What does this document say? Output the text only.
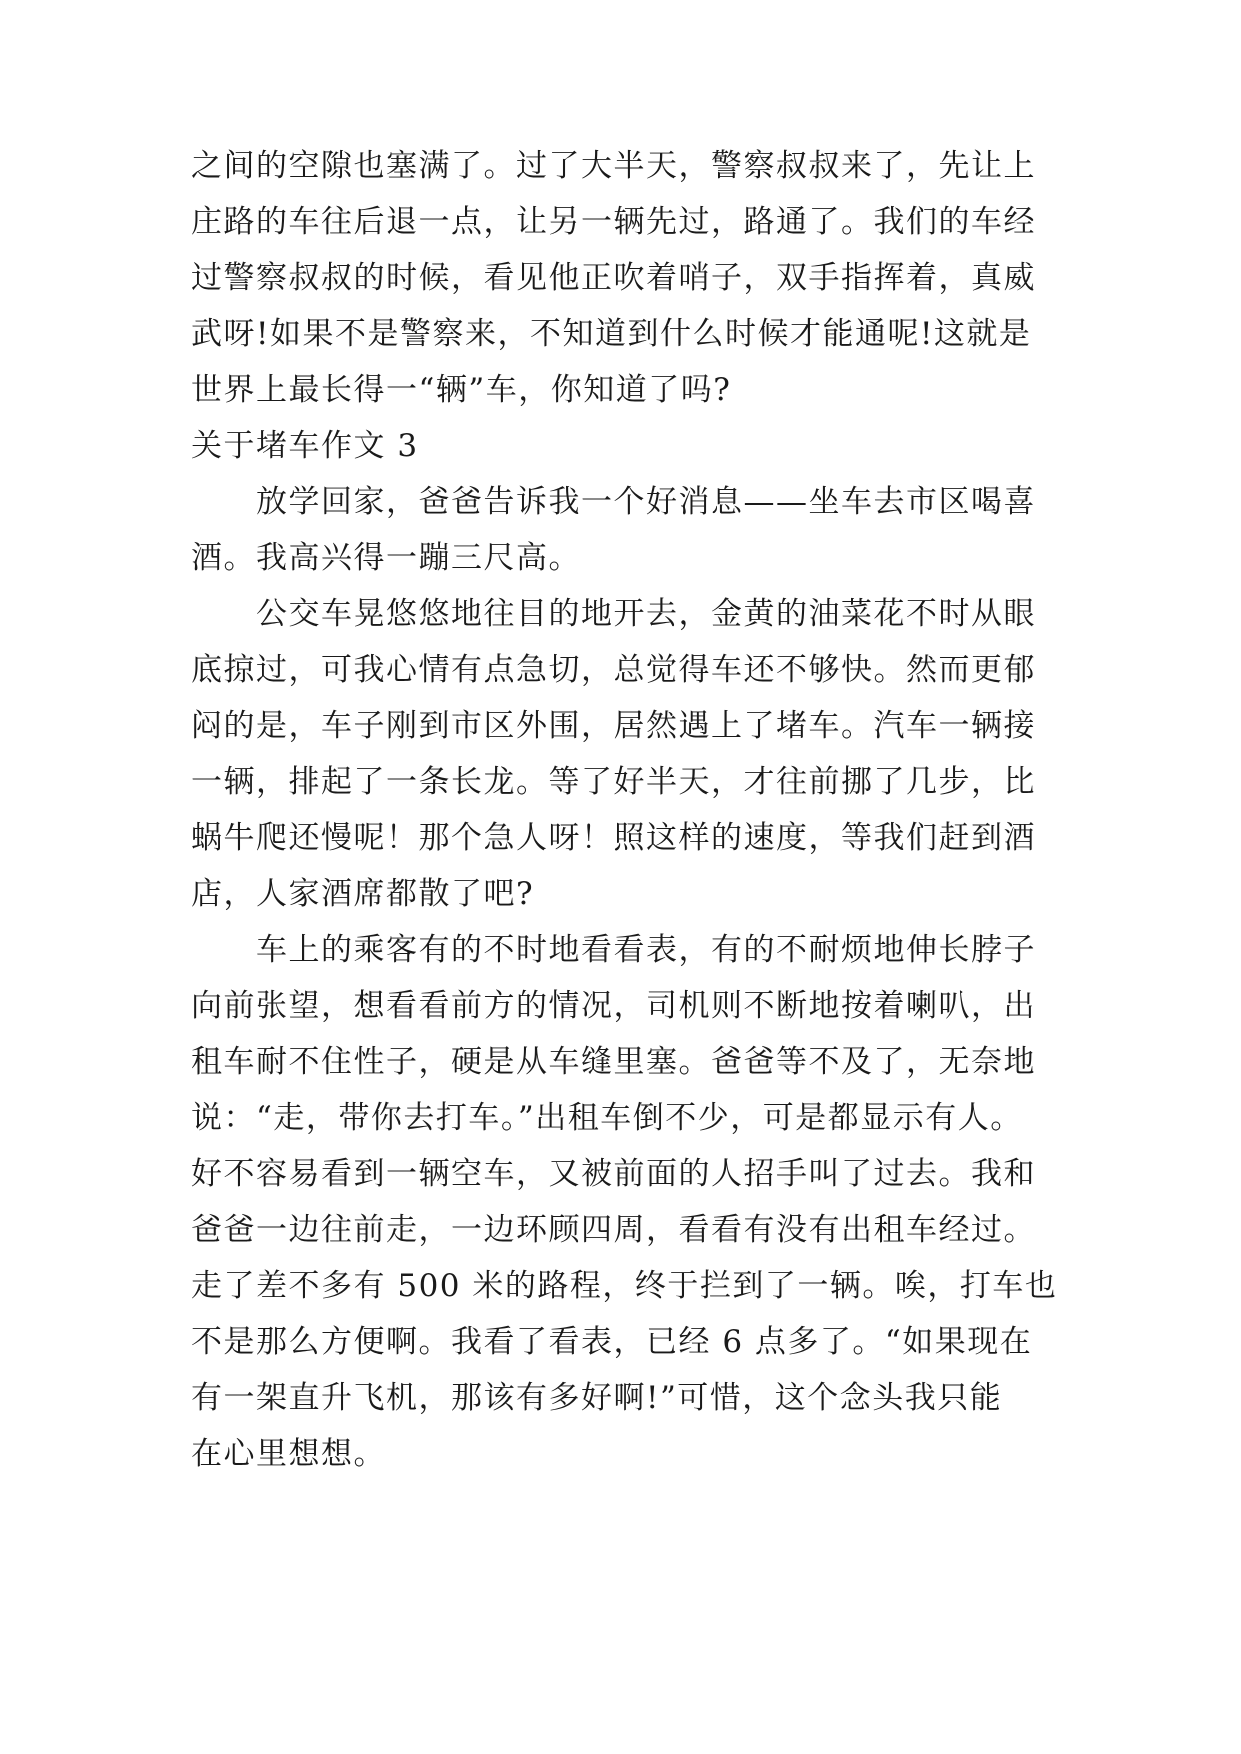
之间的空隙也塞满了。过了大半天，警察叔叔来了，先让上
庄路的车往后退一点，让另一辆先过，路通了。我们的车经
过警察叔叔的时候，看见他正吹着哨子，双手指挥着，真威
武呀!如果不是警察来，不知道到什么时候才能通呢!这就是
世界上最长得一“辆”车，你知道了吗?
关于堵车作文 3
放学回家，爸爸告诉我一个好消息——坐车去市区喝喜
酒。我高兴得一蹦三尺高。
公交车晃悠悠地往目的地开去，金黄的油菜花不时从眼
底掠过，可我心情有点急切，总觉得车还不够快。然而更郁
闷的是，车子刚到市区外围，居然遇上了堵车。汽车一辆接
一辆，排起了一条长龙。等了好半天，才往前挪了几步，比
蜗牛爬还慢呢！那个急人呀！照这样的速度，等我们赶到酒
店，人家酒席都散了吧?
车上的乘客有的不时地看看表，有的不耐烦地伸长脖子
向前张望，想看看前方的情况，司机则不断地按着喇叭，出
租车耐不住性子，硬是从车缝里塞。爸爸等不及了，无奈地
说：“走，带你去打车。”出租车倒不少，可是都显示有人。
好不容易看到一辆空车，又被前面的人招手叫了过去。我和
爸爸一边往前走，一边环顾四周，看看有没有出租车经过。
走了差不多有 500 米的路程，终于拦到了一辆。唉，打车也
不是那么方便啊。我看了看表，已经 6 点多了。“如果现在
有一架直升飞机，那该有多好啊!”可惜，这个念头我只能
在心里想想。
